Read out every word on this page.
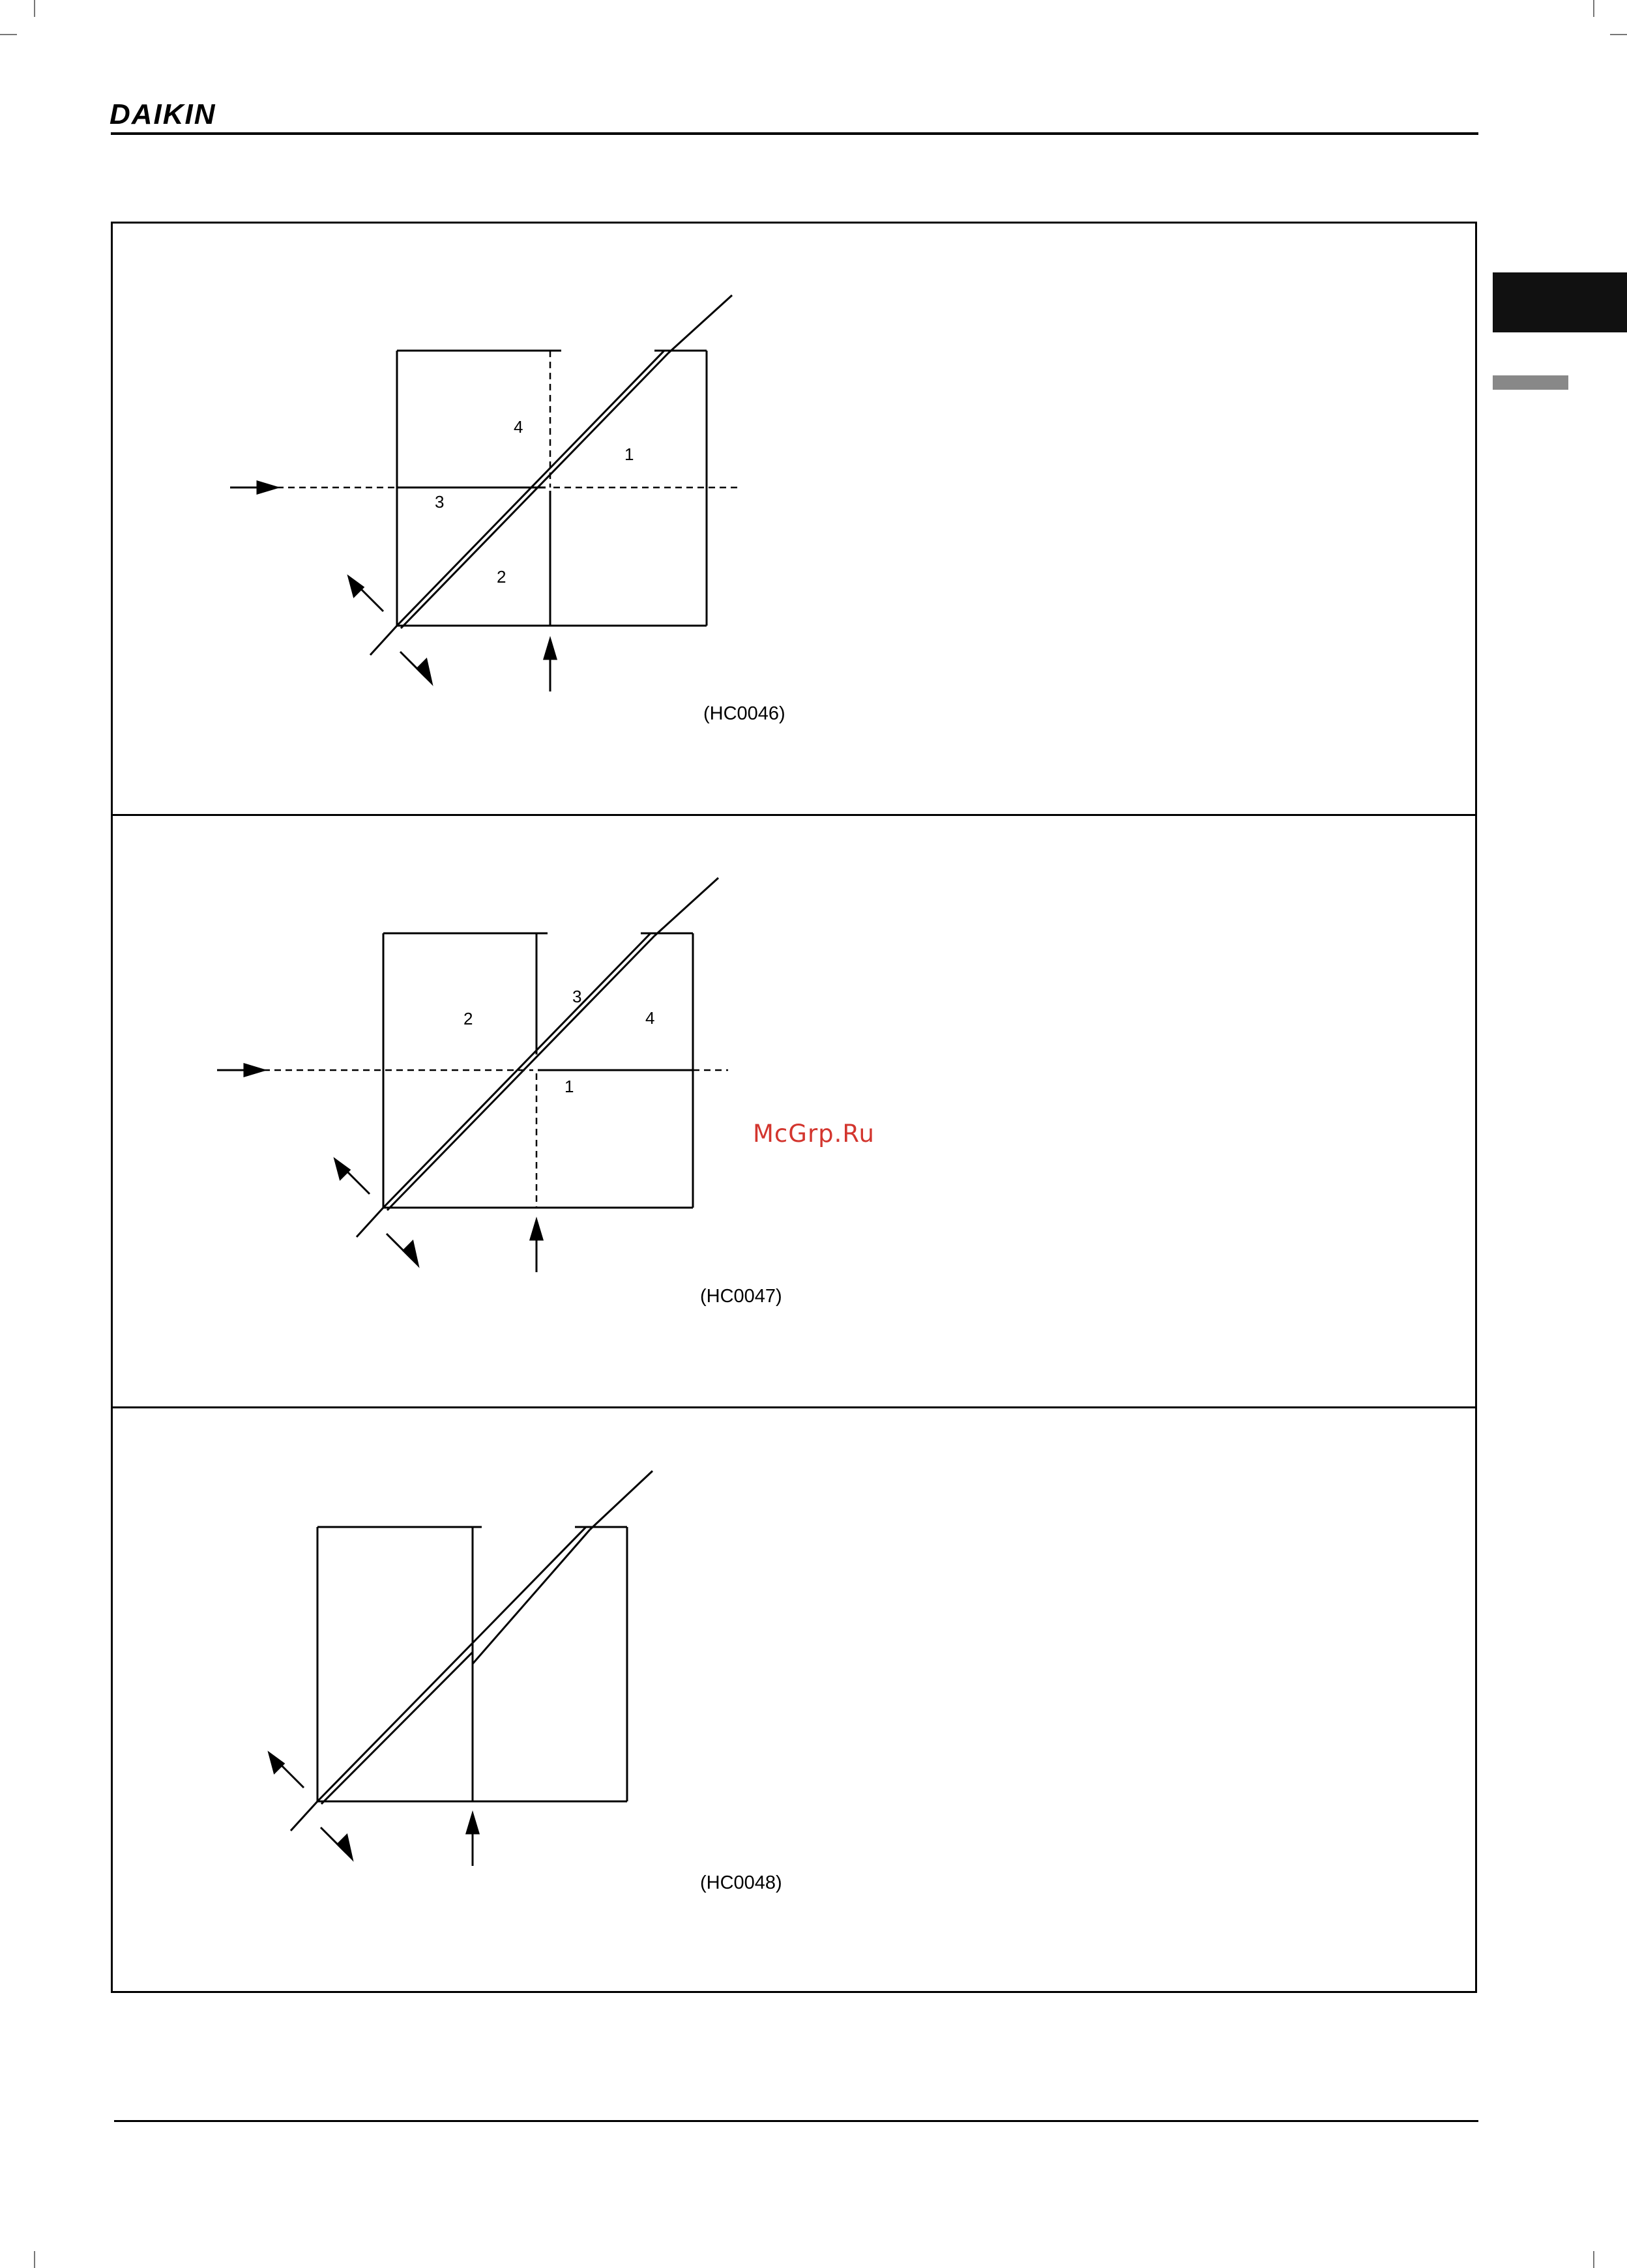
DAIKIN
4
1
3
2
(HC0046)
3
2	4
1
(HC0047)
(HC0048)
McGrp.Ru
